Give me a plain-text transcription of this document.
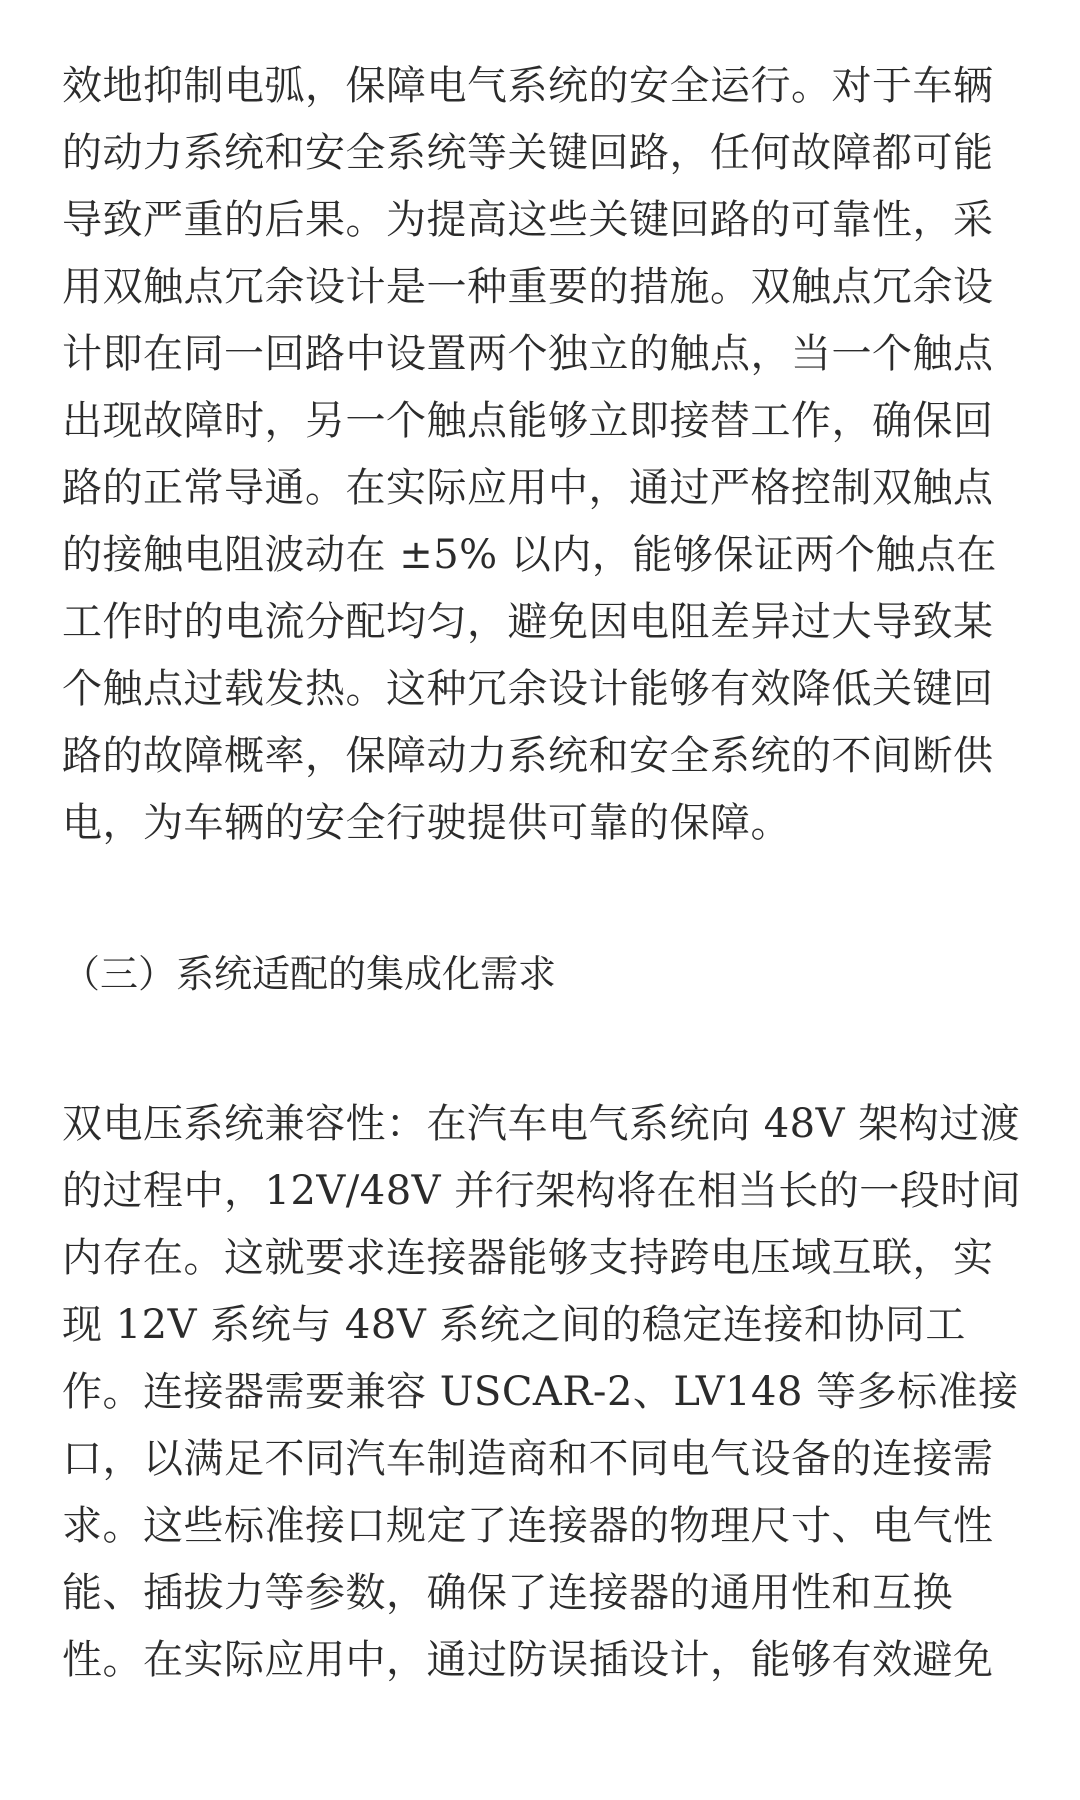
效地抑制电弧，保障电气系统的安全运行。对于车辆
的动力系统和安全系统等关键回路，任何故障都可能
导致严重的后果。为提高这些关键回路的可靠性，采
用双触点冗余设计是一种重要的措施。双触点冗余设
计即在同一回路中设置两个独立的触点，当一个触点
出现故障时，另一个触点能够立即接替工作，确保回
路的正常导通。在实际应用中，通过严格控制双触点
的接触电阻波动在 ±5% 以内，能够保证两个触点在
工作时的电流分配均匀，避免因电阻差异过大导致某
个触点过载发热。这种冗余设计能够有效降低关键回
路的故障概率，保障动力系统和安全系统的不间断供
电，为车辆的安全行驶提供可靠的保障。
（三）系统适配的集成化需求
双电压系统兼容性：在汽车电气系统向 48V 架构过渡
的过程中，12V/48V 并行架构将在相当长的一段时间
内存在。这就要求连接器能够支持跨电压域互联，实
现 12V 系统与 48V 系统之间的稳定连接和协同工
作。连接器需要兼容 USCAR-2、LV148 等多标准接
口，以满足不同汽车制造商和不同电气设备的连接需
求。这些标准接口规定了连接器的物理尺寸、电气性
能、插拔力等参数，确保了连接器的通用性和互换
性。在实际应用中，通过防误插设计，能够有效避免
